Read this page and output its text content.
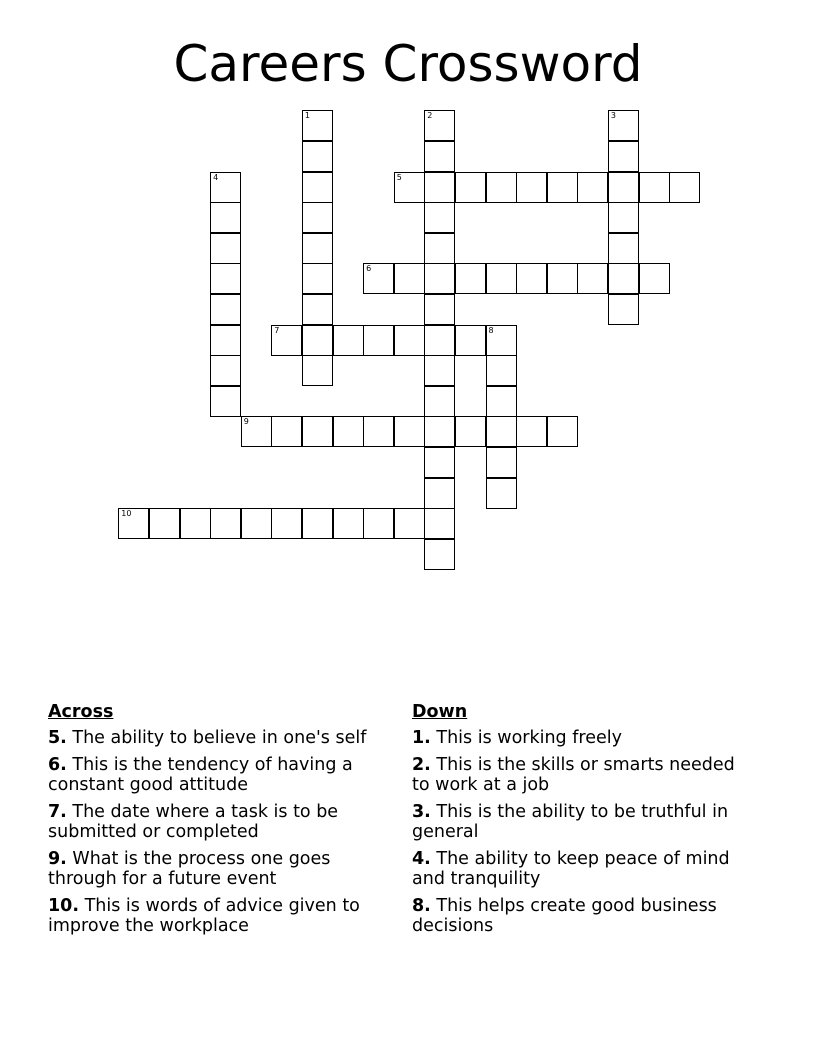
Careers Crossword
1	2	3
4	5
6
7	8
9
10
Across
5. The ability to believe in one's self
6. This is the tendency of having a constant good attitude
7. The date where a task is to be submitted or completed
9. What is the process one goes through for a future event
10. This is words of advice given to improve the workplace
Down
1. This is working freely
2. This is the skills or smarts needed to work at a job
3. This is the ability to be truthful in general
4. The ability to keep peace of mind and tranquility
8. This helps create good business decisions
